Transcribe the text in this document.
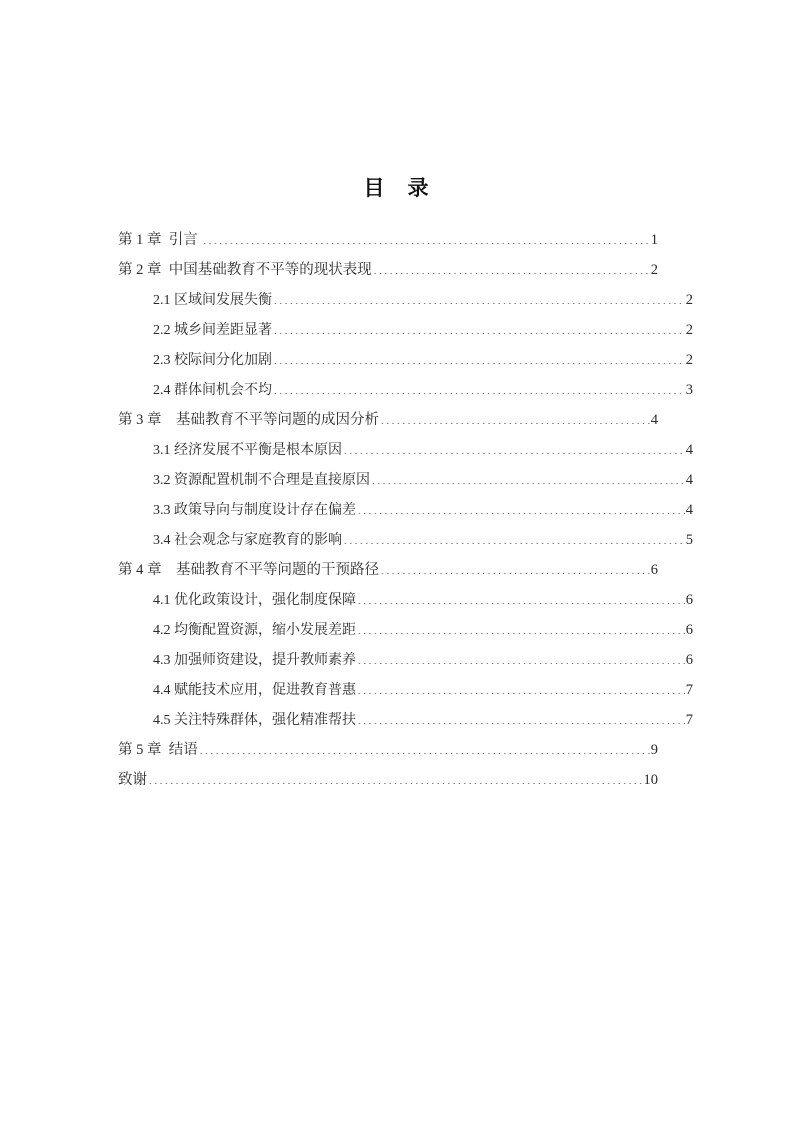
目　录
第 1 章  引言 ·····	1
第 2 章  中国基础教育不平等的现状表现 ·····	2
2.1 区域间发展失衡 ·····	2
2.2 城乡间差距显著 ·····	2
2.3 校际间分化加剧 ·····	2
2.4 群体间机会不均 ·····	3
第 3 章　基础教育不平等问题的成因分析 ·····	4
3.1 经济发展不平衡是根本原因 ·····	4
3.2 资源配置机制不合理是直接原因 ·····	4
3.3 政策导向与制度设计存在偏差 ·····	4
3.4 社会观念与家庭教育的影响 ·····	5
第 4 章　基础教育不平等问题的干预路径 ·····	6
4.1 优化政策设计，强化制度保障 ·····	6
4.2 均衡配置资源，缩小发展差距 ·····	6
4.3 加强师资建设，提升教师素养 ·····	6
4.4 赋能技术应用，促进教育普惠 ·····	7
4.5 关注特殊群体，强化精准帮扶 ·····	7
第 5 章  结语 ·····	9
致谢 ·····	10
